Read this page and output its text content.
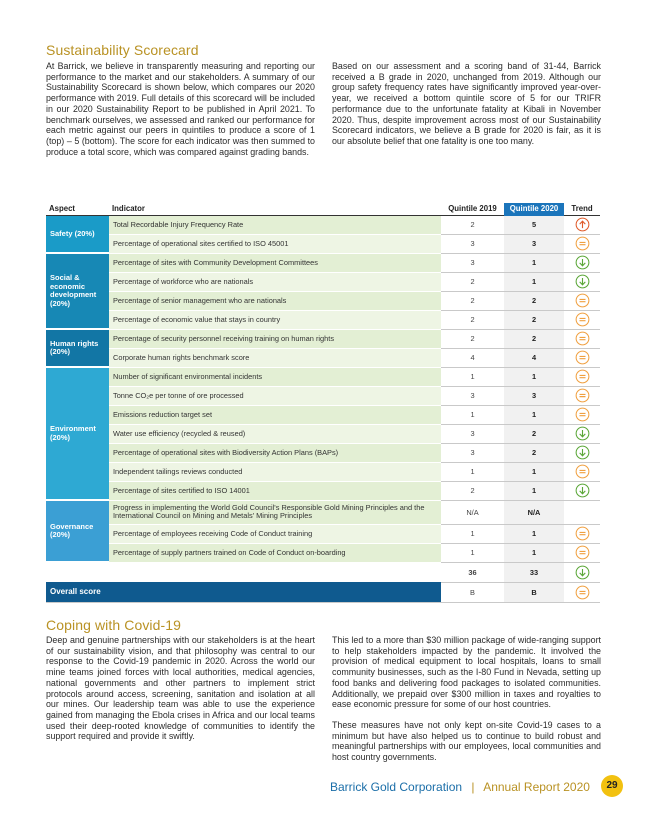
Sustainability Scorecard

At Barrick, we believe in transparently measuring and reporting our performance to the market and our stakeholders. A summary of our Sustainability Scorecard is shown below, which compares our 2020 performance with 2019. Full details of this scorecard will be included in our 2020 Sustainability Report to be published in April 2021. To benchmark ourselves, we assessed and ranked our performance for each metric against our peers in quintiles to produce a score of 1 (top) – 5 (bottom). The score for each indicator was then summed to produce a total score, which was compared against grading bands.

Based on our assessment and a scoring band of 31-44, Barrick received a B grade in 2020, unchanged from 2019. Although our group safety frequency rates have significantly improved year-over-year, we received a bottom quintile score of 5 for our TRIFR performance due to the unfortunate fatality at Kibali in November 2020. Thus, despite improvement across most of our Sustainability Scorecard indicators, we believe a B grade for 2020 is fair, as it is our absolute belief that one fatality is one too many.

Aspect	Indicator	Quintile 2019	Quintile 2020	Trend
Safety (20%)	Total Recordable Injury Frequency Rate	2	5	
	Percentage of operational sites certified to ISO 45001	3	3	
Social & economic development (20%)	Percentage of sites with Community Development Committees	3	1	
	Percentage of workforce who are nationals	2	1	
	Percentage of senior management who are nationals	2	2	
	Percentage of economic value that stays in country	2	2	
Human rights (20%)	Percentage of security personnel receiving training on human rights	2	2	
	Corporate human rights benchmark score	4	4	
Environment (20%)	Number of significant environmental incidents	1	1	
	Tonne CO₂e per tonne of ore processed	3	3	
	Emissions reduction target set	1	1	
	Water use efficiency (recycled & reused)	3	2	
	Percentage of operational sites with Biodiversity Action Plans (BAPs)	3	2	
	Independent tailings reviews conducted	1	1	
	Percentage of sites certified to ISO 14001	2	1	
Governance (20%)	Progress in implementing the World Gold Council's Responsible Gold Mining Principles and the International Council on Mining and Metals' Mining Principles	N/A	N/A	
	Percentage of employees receiving Code of Conduct training	1	1	
	Percentage of supply partners trained on Code of Conduct on-boarding	1	1	
		36	33	
Overall score		B	B	
Coping with Covid-19

Deep and genuine partnerships with our stakeholders is at the heart of our sustainability vision, and that philosophy was central to our response to the Covid-19 pandemic in 2020. Across the world our mine teams joined forces with local authorities, medical agencies, national governments and other partners to implement strict protocols around access, screening, sanitation and isolation at all our mines. Our leadership team was able to use the experience gained from managing the Ebola crises in Africa and our local teams used their deep-rooted knowledge of communities to identify the support required and provide it swiftly.

This led to a more than $30 million package of wide-ranging support to help stakeholders impacted by the pandemic. It involved the provision of medical equipment to local hospitals, loans to small community businesses, such as the I-80 Fund in Nevada, setting up food banks and delivering food packages to isolated communities. Additionally, we prepaid over $300 million in taxes and royalties to ease economic pressure for some of our host countries.

These measures have not only kept on-site Covid-19 cases to a minimum but have also helped us to continue to build robust and meaningful partnerships with our employees, local communities and host country governments.

Barrick Gold Corporation | Annual Report 2020	29
